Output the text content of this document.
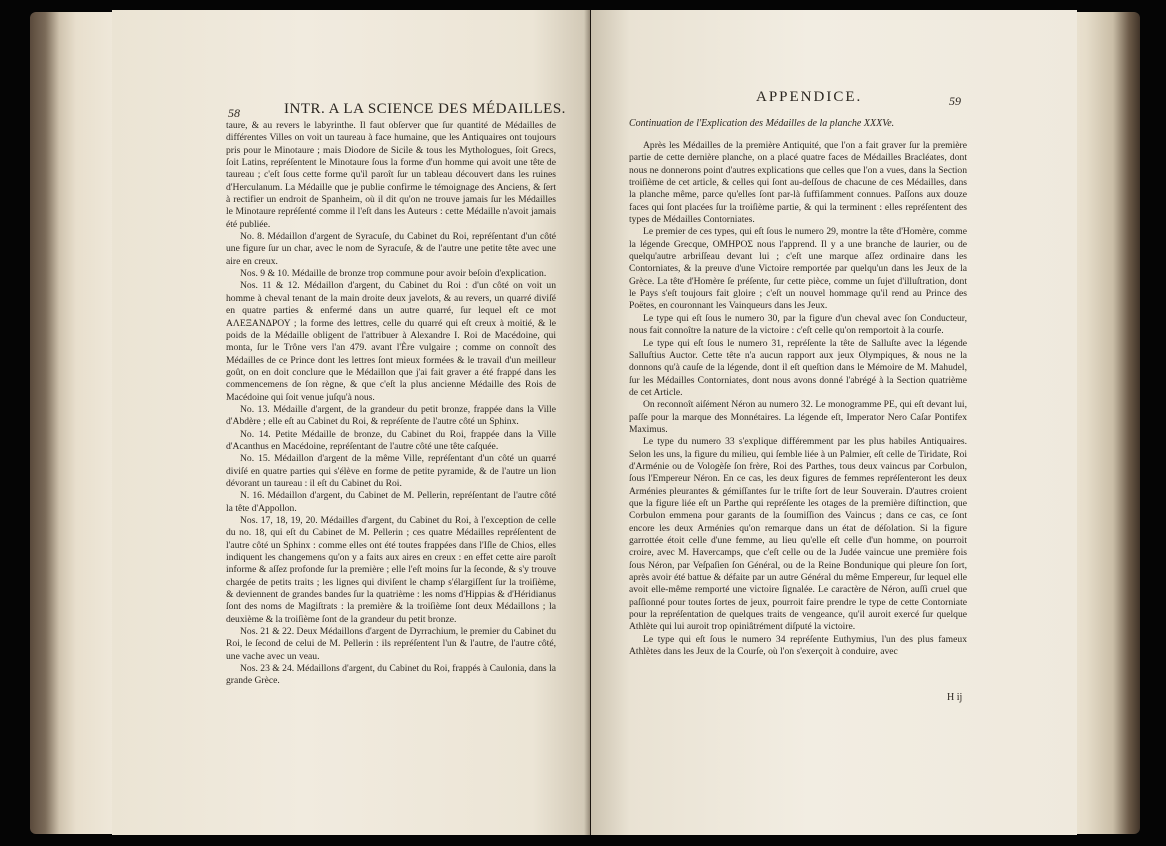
58	INTR. A LA SCIENCE DES MÉDAILLES.

taure, & au revers le labyrinthe. Il faut obſerver que ſur quantité de Médailles de différentes Villes on voit un taureau à face humaine, que les Antiquaires ont toujours pris pour le Minotaure ; mais Diodore de Sicile & tous les Mythologues, ſoit Grecs, ſoit Latins, repréſentent le Minotaure ſous la forme d'un homme qui avoit une tête de taureau ; c'eſt ſous cette forme qu'il paroît ſur un tableau découvert dans les ruines d'Herculanum. La Médaille que je publie confirme le témoignage des Anciens, & ſert à rectifier un endroit de Spanheim, où il dit qu'on ne trouve jamais ſur les Médailles le Minotaure repréſenté comme il l'eſt dans les Auteurs : cette Médaille n'avoit jamais été publiée.

No. 8. Médaillon d'argent de Syracuſe, du Cabinet du Roi, repréſentant d'un côté une figure ſur un char, avec le nom de Syracuſe, & de l'autre une petite tête avec une aire en creux.

Nos. 9 & 10. Médaille de bronze trop commune pour avoir beſoin d'explication.

Nos. 11 & 12. Médaillon d'argent, du Cabinet du Roi : d'un côté on voit un homme à cheval tenant de la main droite deux javelots, & au revers, un quarré diviſé en quatre parties & enfermé dans un autre quarré, ſur lequel eſt ce mot ΑΛΕΞΑΝΔΡΟΥ ; la forme des lettres, celle du quarré qui eſt creux à moitié, & le poids de la Médaille obligent de l'attribuer à Alexandre I. Roi de Macédoine, qui monta, ſur le Trône vers l'an 479. avant l'Ère vulgaire ; comme on connoît des Médailles de ce Prince dont les lettres ſont mieux formées & le travail d'un meilleur goût, on en doit conclure que le Médaillon que j'ai fait graver a été frappé dans les commencemens de ſon règne, & que c'eſt la plus ancienne Médaille des Rois de Macédoine qui ſoit venue juſqu'à nous.

No. 13. Médaille d'argent, de la grandeur du petit bronze, frappée dans la Ville d'Abdère ; elle eſt au Cabinet du Roi, & repréſente de l'autre côté un Sphinx.

No. 14. Petite Médaille de bronze, du Cabinet du Roi, frappée dans la Ville d'Acanthus en Macédoine, repréſentant de l'autre côté une tête caſquée.

No. 15. Médaillon d'argent de la même Ville, repréſentant d'un côté un quarré diviſé en quatre parties qui s'élève en forme de petite pyramide, & de l'autre un lion dévorant un taureau : il eſt du Cabinet du Roi.

N. 16. Médaillon d'argent, du Cabinet de M. Pellerin, repréſentant de l'autre côté la tête d'Appollon.

Nos. 17, 18, 19, 20. Médailles d'argent, du Cabinet du Roi, à l'exception de celle du no. 18, qui eſt du Cabinet de M. Pellerin ; ces quatre Médailles repréſentent de l'autre côté un Sphinx : comme elles ont été toutes frappées dans l'Iſle de Chios, elles indiquent les changemens qu'on y a faits aux aires en creux : en effet cette aire paroît informe & aſſez profonde ſur la première ; elle l'eſt moins ſur la ſeconde, & s'y trouve chargée de petits traits ; les lignes qui diviſent le champ s'élargiſſent ſur la troiſième, & deviennent de grandes bandes ſur la quatrième : les noms d'Hippias & d'Héridianus ſont des noms de Magiſtrats : la première & la troiſième ſont deux Médaillons ; la deuxième & la troiſième ſont de la grandeur du petit bronze.

Nos. 21 & 22. Deux Médaillons d'argent de Dyrrachium, le premier du Cabinet du Roi, le ſecond de celui de M. Pellerin : ils repréſentent l'un & l'autre, de l'autre côté, une vache avec un veau.

Nos. 23 & 24. Médaillons d'argent, du Cabinet du Roi, frappés à Caulonia, dans la grande Grèce.

APPENDICE.	59
Continuation de l'Explication des Médailles de la planche XXXVe.

Après les Médailles de la première Antiquité, que l'on a fait graver ſur la première partie de cette dernière planche, on a placé quatre faces de Médailles Bracléates, dont nous ne donnerons point d'autres explications que celles que l'on a vues, dans la Section troiſième de cet article, & celles qui ſont au-deſſous de chacune de ces Médailles, dans la planche même, parce qu'elles ſont par-là ſuffiſamment connues. Paſſons aux douze faces qui ſont placées ſur la troiſième partie, & qui la terminent : elles repréſentent des types de Médailles Contorniates.

Le premier de ces types, qui eſt ſous le numero 29, montre la tête d'Homère, comme la légende Grecque, ΟΜΗΡΟΣ nous l'apprend. Il y a une branche de laurier, ou de quelqu'autre arbriſſeau devant lui ; c'eſt une marque aſſez ordinaire dans les Contorniates, & la preuve d'une Victoire remportée par quelqu'un dans les Jeux de la Grèce. La tête d'Homère ſe préſente, ſur cette pièce, comme un ſujet d'illuſtration, dont le Pays s'eſt toujours fait gloire ; c'eſt un nouvel hommage qu'il rend au Prince des Poëtes, en couronnant les Vainqueurs dans les Jeux.

Le type qui eſt ſous le numero 30, par la figure d'un cheval avec ſon Conducteur, nous fait connoître la nature de la victoire : c'eſt celle qu'on remportoit à la courſe.

Le type qui eſt ſous le numero 31, repréſente la tête de Salluſte avec la légende Salluſtius Auctor. Cette tête n'a aucun rapport aux jeux Olympiques, & nous ne la donnons qu'à cauſe de la légende, dont il eſt queſtion dans le Mémoire de M. Mahudel, ſur les Médailles Contorniates, dont nous avons donné l'abrégé à la Section quatrième de cet Article.

On reconnoît aiſément Néron au numero 32. Le monogramme PE, qui eſt devant lui, paſſe pour la marque des Monnétaires. La légende eſt, Imperator Nero Caſar Pontifex Maximus.

Le type du numero 33 s'explique différemment par les plus habiles Antiquaires. Selon les uns, la figure du milieu, qui ſemble liée à un Palmier, eſt celle de Tiridate, Roi d'Arménie ou de Vologèſe ſon frère, Roi des Parthes, tous deux vaincus par Corbulon, ſous l'Empereur Néron. En ce cas, les deux figures de femmes repréſenteront les deux Arménies pleurantes & gémiſſantes ſur le triſte ſort de leur Souverain. D'autres croient que la figure liée eſt un Parthe qui repréſente les otages de la première diſtinction, que Corbulon emmena pour garants de la ſoumiſſion des Vaincus ; dans ce cas, ce ſont encore les deux Arménies qu'on remarque dans un état de déſolation. Si la figure garrottée étoit celle d'une femme, au lieu qu'elle eſt celle d'un homme, on pourroit croire, avec M. Havercamps, que c'eſt celle ou de la Judée vaincue une première fois ſous Néron, par Veſpaſien ſon Général, ou de la Reine Bondunique qui pleure ſon ſort, après avoir été battue & défaite par un autre Général du même Empereur, ſur lequel elle avoit elle-même remporté une victoire ſignalée. Le caractère de Néron, auſſi cruel que paſſionné pour toutes ſortes de jeux, pourroit faire prendre le type de cette Contorniate pour la repréſentation de quelques traits de vengeance, qu'il auroit exercé ſur quelque Athlète qui lui auroit trop opiniâtrément diſputé la victoire.

Le type qui eſt ſous le numero 34 repréſente Euthymius, l'un des plus fameux Athlètes dans les Jeux de la Courſe, où l'on s'exerçoit à conduire, avec

H ij
